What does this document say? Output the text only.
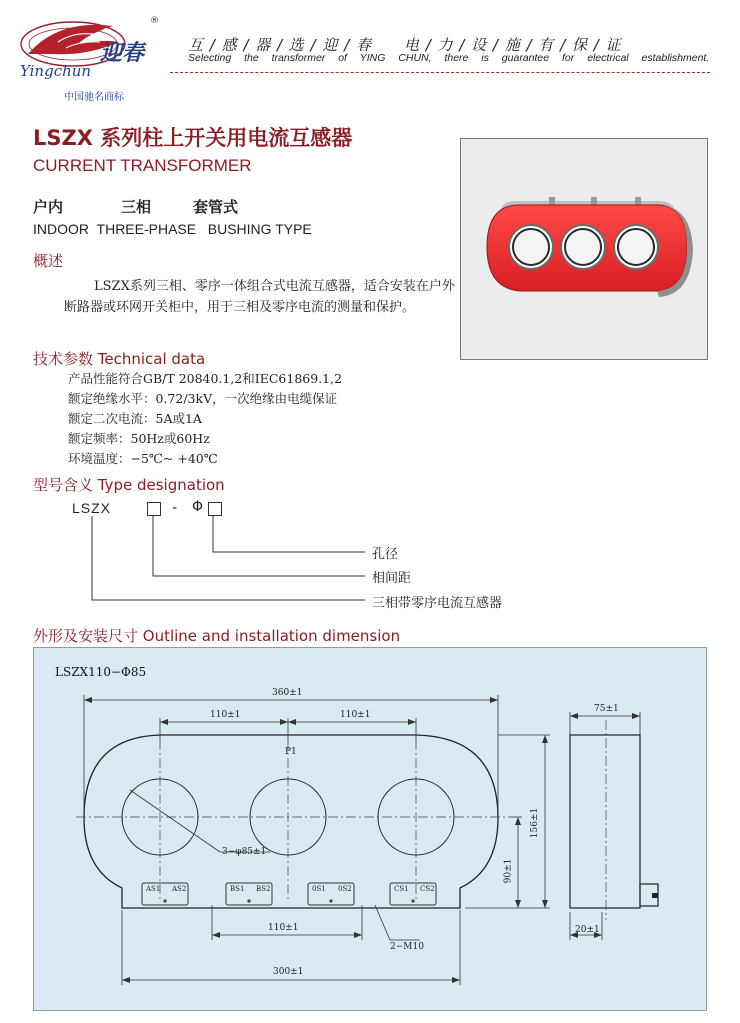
迎春
Yingchun
®
中国驰名商标
互 / 感 / 器 / 选 / 迎 / 春　　电 / 力 / 设 / 施 / 有 / 保 / 证
Selecting the transformer of YING CHUN, there is guarantee for electrical establishment.
LSZX 系列柱上开关用电流互感器
CURRENT TRANSFORMER
户内	三相	套管式
INDOOR  THREE-PHASE   BUSHING TYPE
概述

LSZX系列三相、零序一体组合式电流互感器，适合安装在户外断路器或环网开关柜中，用于三相及零序电流的测量和保护。

技术参数 Technical data
产品性能符合GB/T 20840.1,2和IEC61869.1,2
额定绝缘水平：0.72/3kV，一次绝缘由电缆保证
额定二次电流：5A或1A
额定频率：50Hz或60Hz
环境温度：−5℃~ +40℃
型号含义 Type designation
LSZX	- Φ
孔径
相间距
三相带零序电流互感器
外形及安装尺寸 Outline and installation dimension
LSZX110−Φ85
360±1
110±1	110±1
P1
3−φ85±1
110±1
2−M10
300±1
90±1
156±1
75±1
20±1
AS1 AS2	BS1 BS2	0S1 0S2	CS1 CS2
